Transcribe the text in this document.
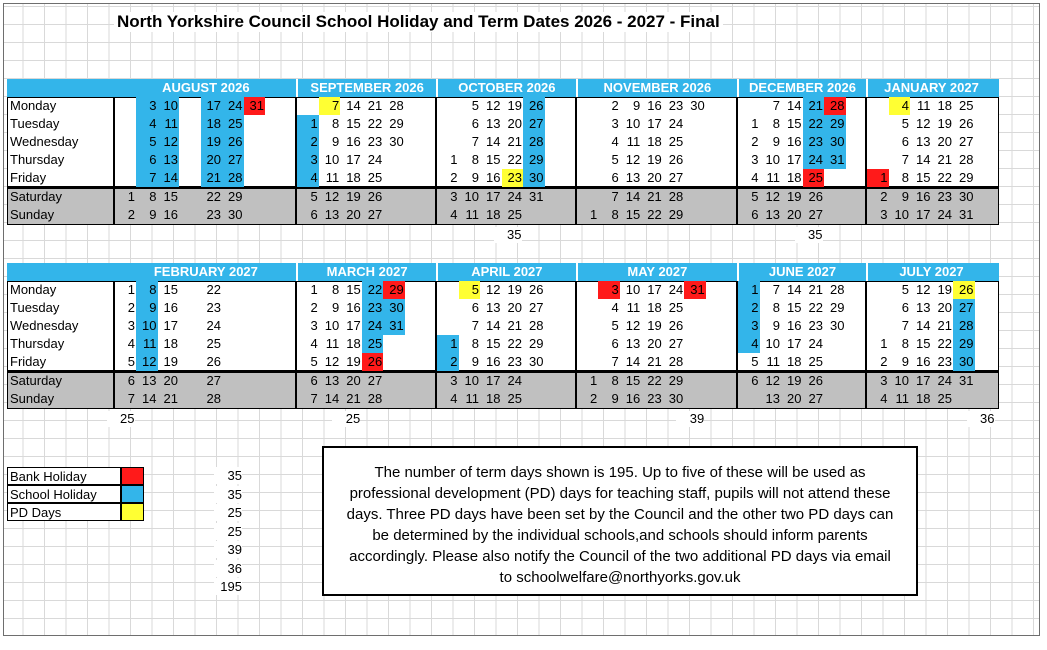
North Yorkshire Council School Holiday and Term Dates 2026 - 2027 - Final
Monday
Tuesday
Wednesday
Thursday
Friday
Saturday
Sunday
AUGUST 2026
1
2
3
4
5
6
7
8
9
10
11
12
13
14
15
16
17
18
19
20
21
22
23
24
25
26
27
28
29
30
31
SEPTEMBER 2026
1
2
3
4
5
6
7
8
9
10
11
12
13
14
15
16
17
18
19
20
21
22
23
24
25
26
27
28
29
30
OCTOBER 2026
1
2
3
4
5
6
7
8
9
10
11
12
13
14
15
16
17
18
19
20
21
22
23
24
25
26
27
28
29
30
31
35
NOVEMBER 2026
1
2
3
4
5
6
7
8
9
10
11
12
13
14
15
16
17
18
19
20
21
22
23
24
25
26
27
28
29
30
DECEMBER 2026
1
2
3
4
5
6
7
8
9
10
11
12
13
14
15
16
17
18
19
20
21
22
23
24
25
26
27
28
29
30
31
35
JANUARY 2027
1
2
3
4
5
6
7
8
9
10
11
12
13
14
15
16
17
18
19
20
21
22
23
24
25
26
27
28
29
30
31
Monday
Tuesday
Wednesday
Thursday
Friday
Saturday
Sunday
FEBRUARY 2027
1
2
3
4
5
6
7
8
9
10
11
12
13
14
15
16
17
18
19
20
21
22
23
24
25
26
27
28
25
MARCH 2027
1
2
3
4
5
6
7
8
9
10
11
12
13
14
15
16
17
18
19
20
21
22
23
24
25
26
27
28
29
30
31
25
APRIL 2027
1
2
3
4
5
6
7
8
9
10
11
12
13
14
15
16
17
18
19
20
21
22
23
24
25
26
27
28
29
30
MAY 2027
1
2
3
4
5
6
7
8
9
10
11
12
13
14
15
16
17
18
19
20
21
22
23
24
25
26
27
28
29
30
31
39
JUNE 2027
1
2
3
4
5
6
7
8
9
10
11
12
13
14
15
16
17
18
19
20
21
22
23
24
25
26
27
28
29
30
JULY 2027
1
2
3
4
5
6
7
8
9
10
11
12
13
14
15
16
17
18
19
20
21
22
23
24
25
26
27
28
29
30
31
36
Bank Holiday
School Holiday
PD Days
35
35
25
25
39
36
195
The number of term days shown is 195. Up to five of these will be used as professional development (PD) days for teaching staff, pupils will not attend these days. Three PD days have been set by the Council and the other two PD days can be determined by the individual schools,and schools should inform parents accordingly. Please also notify the Council of the two additional PD days via email to schoolwelfare@northyorks.gov.uk
